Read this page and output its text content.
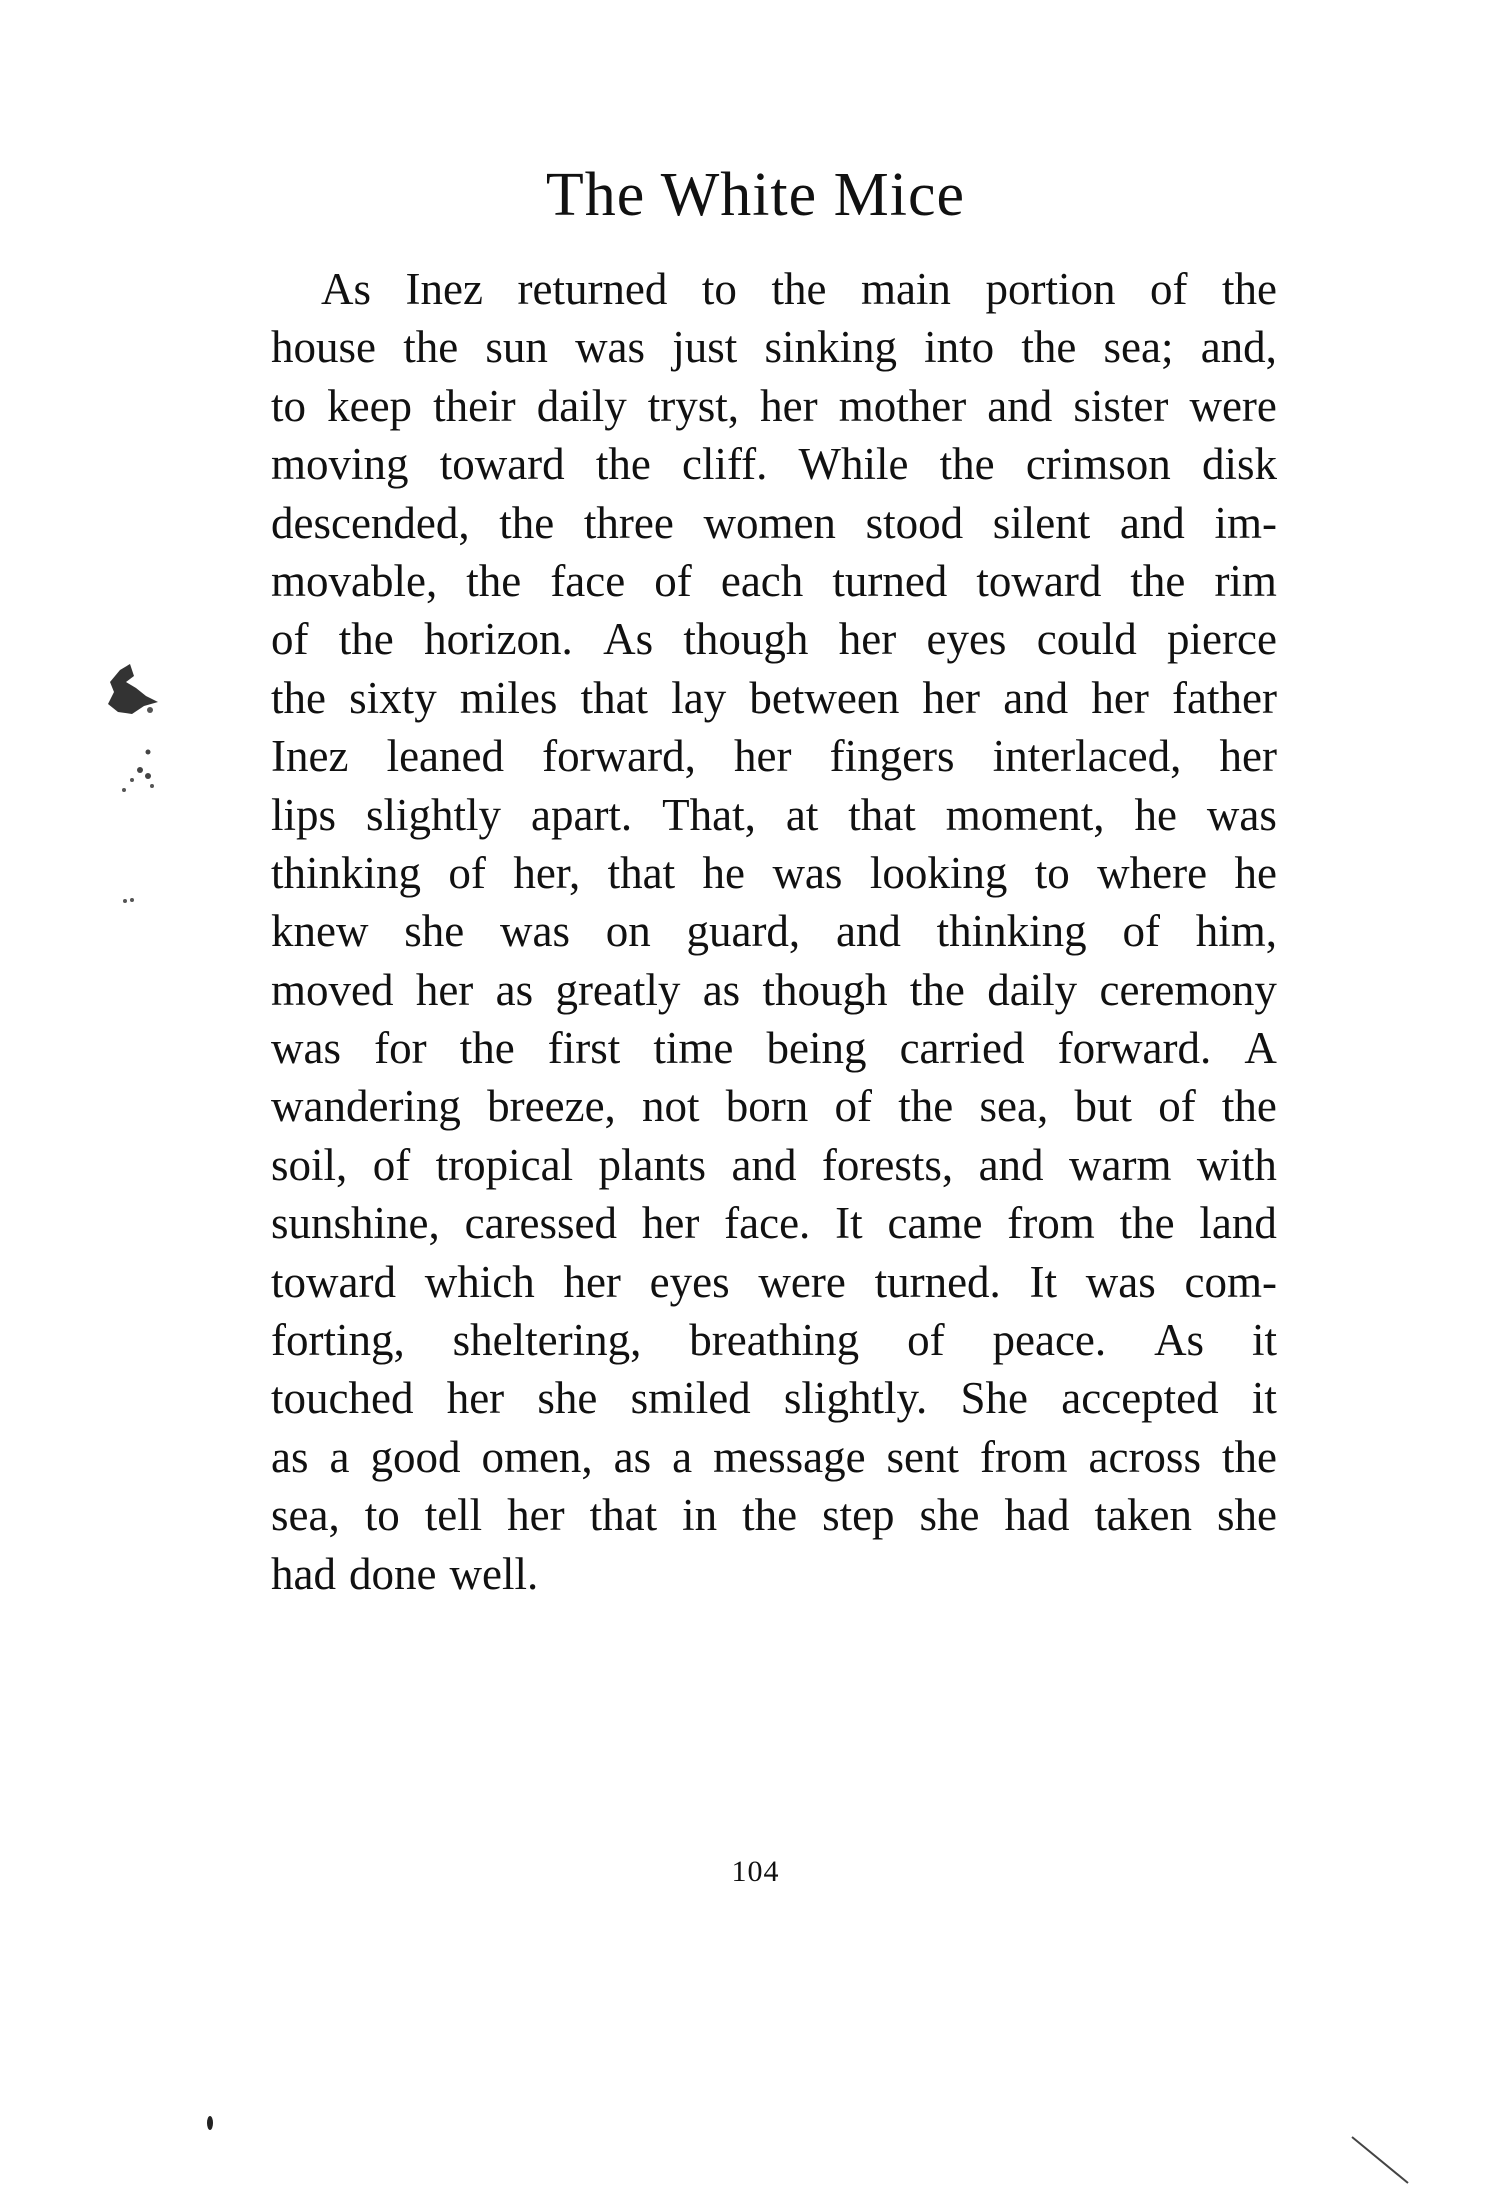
The White Mice
As Inez returned to the main portion of the
house the sun was just sinking into the sea; and,
to keep their daily tryst, her mother and sister were
moving toward the cliff. While the crimson disk
descended, the three women stood silent and im-
movable, the face of each turned toward the rim
of the horizon. As though her eyes could pierce
the sixty miles that lay between her and her father
Inez leaned forward, her fingers interlaced, her
lips slightly apart. That, at that moment, he was
thinking of her, that he was looking to where he
knew she was on guard, and thinking of him,
moved her as greatly as though the daily ceremony
was for the first time being carried forward. A
wandering breeze, not born of the sea, but of the
soil, of tropical plants and forests, and warm with
sunshine, caressed her face. It came from the land
toward which her eyes were turned. It was com-
forting, sheltering, breathing of peace. As it
touched her she smiled slightly. She accepted it
as a good omen, as a message sent from across the
sea, to tell her that in the step she had taken she
had done well.
104
